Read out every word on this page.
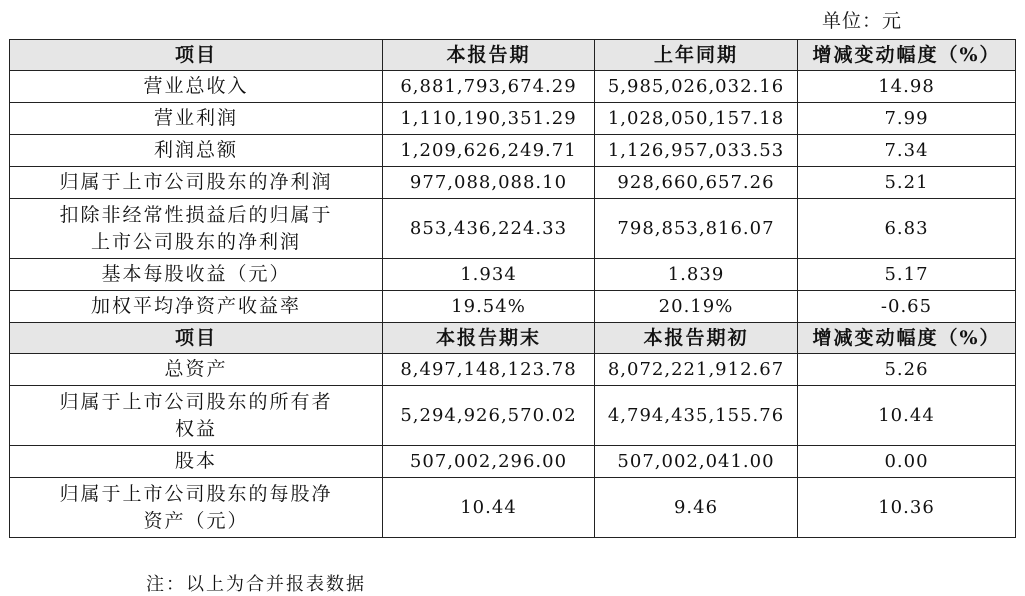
单位：元
项目	本报告期	上年同期	增减变动幅度（%）
营业总收入	6,881,793,674.29	5,985,026,032.16	14.98
营业利润	1,110,190,351.29	1,028,050,157.18	7.99
利润总额	1,209,626,249.71	1,126,957,033.53	7.34
归属于上市公司股东的净利润	977,088,088.10	928,660,657.26	5.21

扣除非经常性损益后的归属于
上市公司股东的净利润	853,436,224.33	798,853,816.07	6.83
基本每股收益（元）	1.934	1.839	5.17
加权平均净资产收益率	19.54%	20.19%	-0.65
项目	本报告期末	本报告期初	增减变动幅度（%）
总资产	8,497,148,123.78	8,072,221,912.67	5.26

归属于上市公司股东的所有者
权益	5,294,926,570.02	4,794,435,155.76	10.44
股本	507,002,296.00	507,002,041.00	0.00

归属于上市公司股东的每股净
资产（元）	10.44	9.46	10.36
注：以上为合并报表数据
